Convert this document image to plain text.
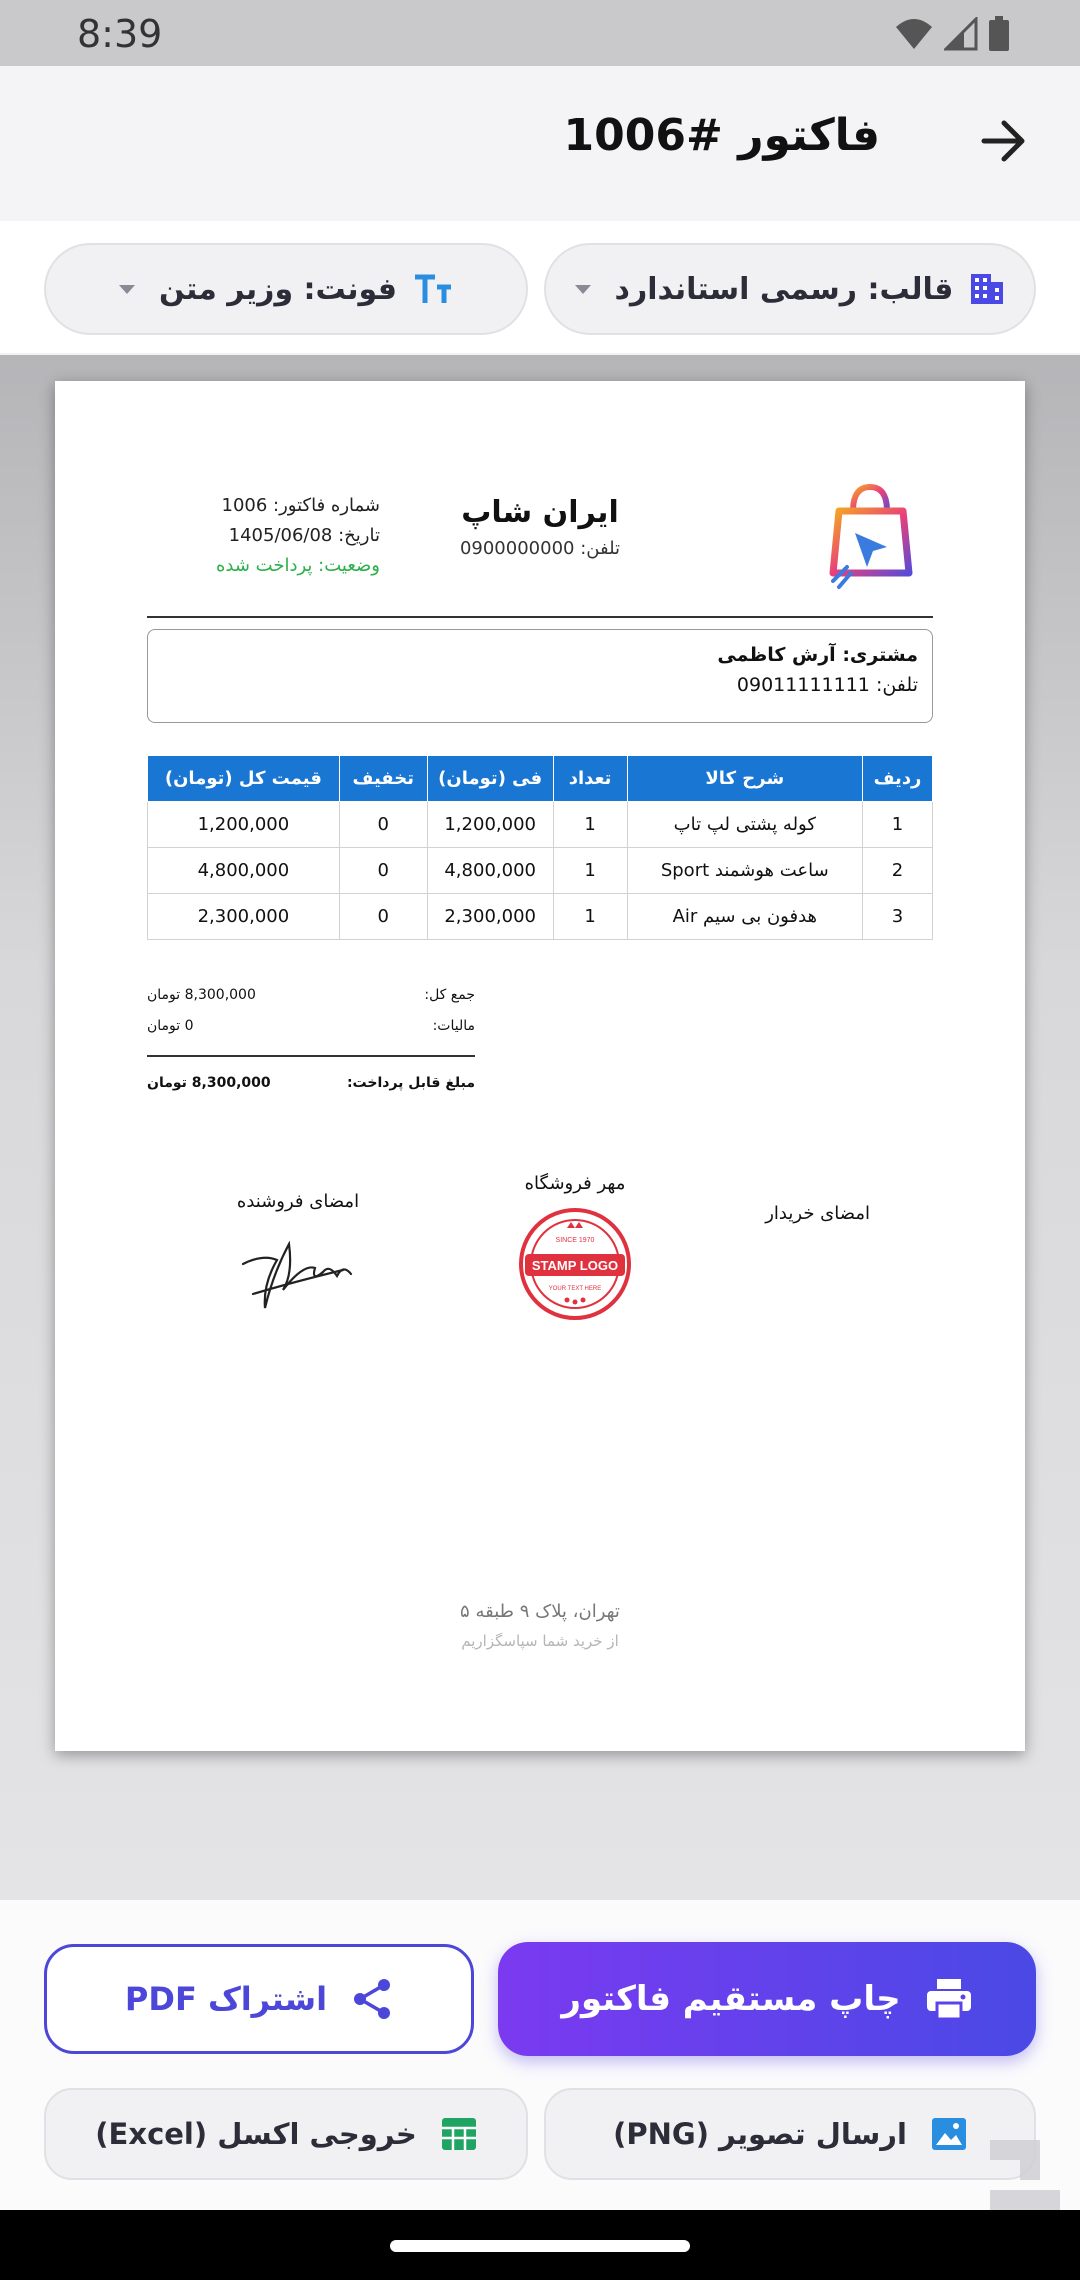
8:39
فاکتور #1006
قالب: رسمی استاندارد
فونت: وزیر متن
ایران شاپ
تلفن: 0900000000
شماره فاکتور: 1006
تاریخ: 1405/06/08
وضعیت: پرداخت شده
مشتری: آرش کاظمی
تلفن: 09011111111
ردیف	شرح کالا	تعداد	فی (تومان)	تخفیف	قیمت کل (تومان)
1	کوله پشتی لپ تاپ	1	1,200,000	0	1,200,000
2	ساعت هوشمند Sport	1	4,800,000	0	4,800,000
3	هدفون بی سیم Air	1	2,300,000	0	2,300,000
جمع کل:
8,300,000 تومان
مالیات:
0 تومان
مبلغ قابل پرداخت:
8,300,000 تومان
امضای خریدار
مهر فروشگاه
STAMP LOGO
SINCE 1970
YOUR TEXT HERE
امضای فروشنده
تهران، پلاک ۹ طبقه ۵
از خرید شما سپاسگزاریم
چاپ مستقیم فاکتور
اشتراک PDF
ارسال تصویر (PNG)
خروجی اکسل (Excel)
